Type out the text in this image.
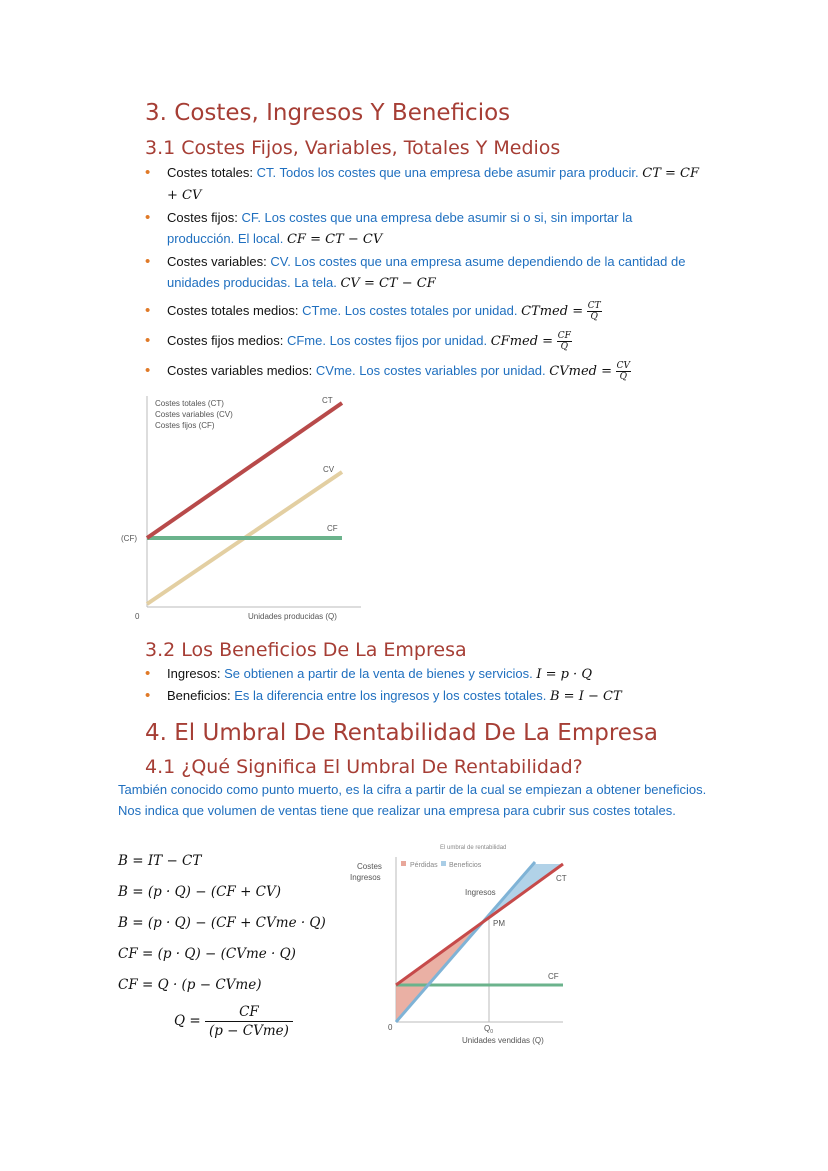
3. Costes, Ingresos Y Beneficios
3.1 Costes Fijos, Variables, Totales Y Medios
• Costes totales: CT. Todos los costes que una empresa debe asumir para producir. CT = CF + CV
• Costes fijos: CF. Los costes que una empresa debe asumir si o si, sin importar la producción. El local. CF = CT − CV
• Costes variables: CV. Los costes que una empresa asume dependiendo de la cantidad de unidades producidas. La tela. CV = CT − CF
• Costes totales medios: CTme. Los costes totales por unidad. CTmed = $\frac{CT}{Q}$
• Costes fijos medios: CFme. Los costes fijos por unidad. CFmed = $\frac{CF}{Q}$
• Costes variables medios: CVme. Los costes variables por unidad. CVmed = $\frac{CV}{Q}$
Costes totales (CT)
Costes variables (CV)
Costes fijos (CF)
CT
CV
CF
(CF)
0	Unidades producidas (Q)
3.2 Los Beneficios De La Empresa
• Ingresos: Se obtienen a partir de la venta de bienes y servicios. I = p · Q
• Beneficios: Es la diferencia entre los ingresos y los costes totales. B = I − CT
4. El Umbral De Rentabilidad De La Empresa
4.1 ¿Qué Significa El Umbral De Rentabilidad?
También conocido como punto muerto, es la cifra a partir de la cual se empiezan a obtener beneficios. Nos indica que volumen de ventas tiene que realizar una empresa para cubrir sus costes totales.
B = IT − CT
B = (p · Q) − (CF + CV)
B = (p · Q) − (CF + CVme · Q)
CF = (p · Q) − (CVme · Q)
CF = Q · (p − CVme)
Q =
CF
(p − CVme)
El umbral de rentabilidad
Costes
Ingresos
Pérdidas Beneficios
Ingresos
CT
PM
CF
0	$Q_0$
Unidades vendidas (Q)
